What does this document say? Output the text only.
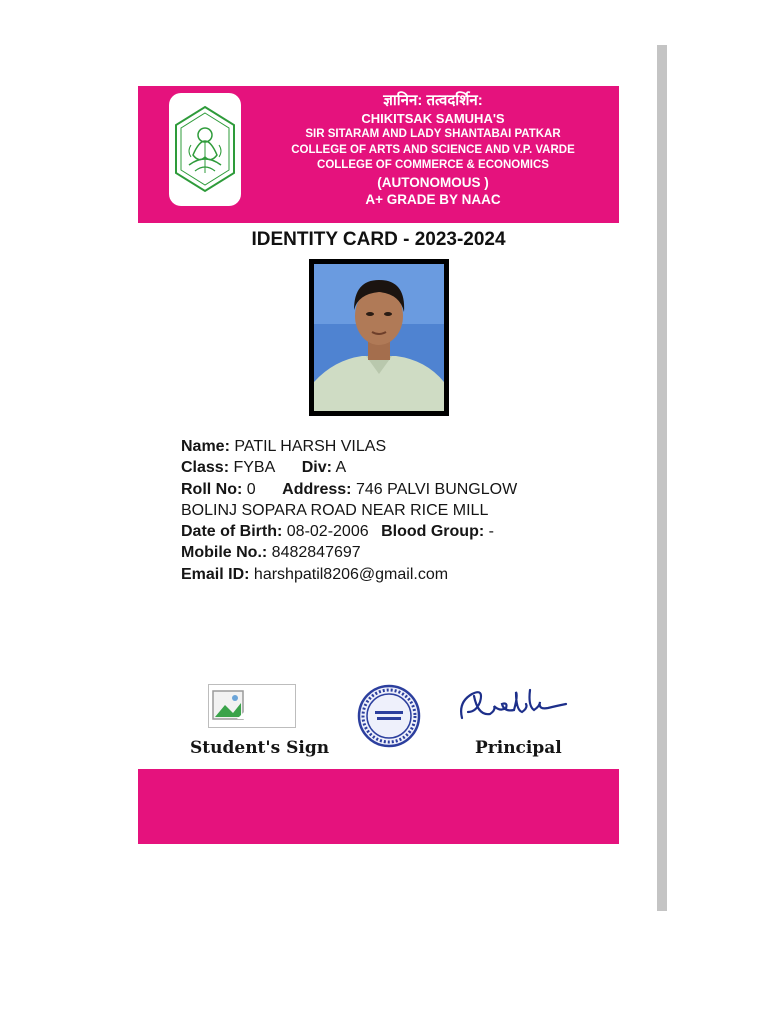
ज्ञानिन: तत्वदर्शिन:
CHIKITSAK SAMUHA'S
SIR SITARAM AND LADY SHANTABAI PATKAR
COLLEGE OF ARTS AND SCIENCE AND V.P. VARDE
COLLEGE OF COMMERCE & ECONOMICS
(AUTONOMOUS )
A+ GRADE BY NAAC
IDENTITY CARD - 2023-2024
Name: PATIL HARSH VILAS
Class: FYBA Div: A
Roll No: 0 Address: 746 PALVI BUNGLOW
BOLINJ SOPARA ROAD NEAR RICE MILL
Date of Birth: 08-02-2006 Blood Group: -
Mobile No.: 8482847697
Email ID: harshpatil8206@gmail.com
Student's Sign	Principal
